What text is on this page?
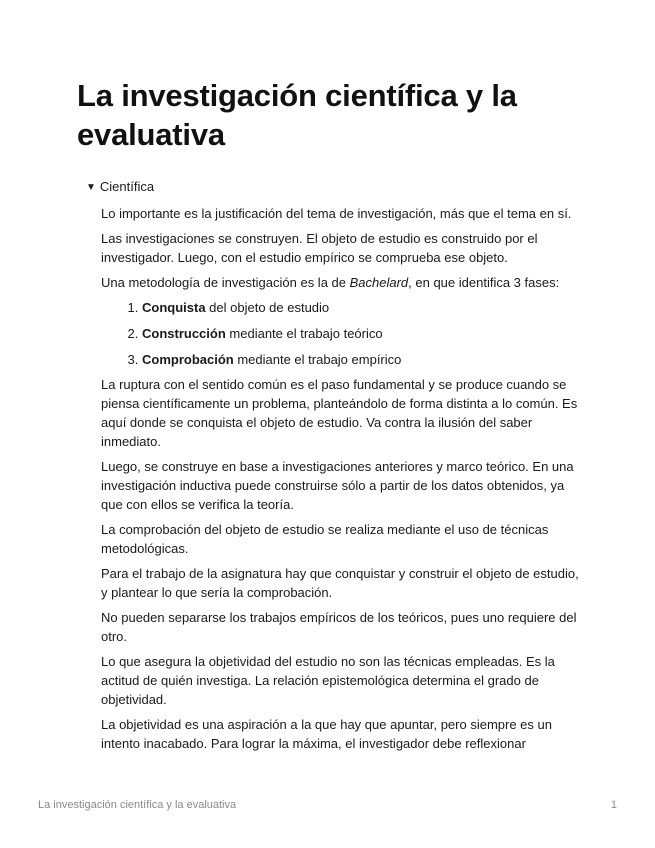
La investigación científica y la evaluativa
▼ Científica

Lo importante es la justificación del tema de investigación, más que el tema en sí.

Las investigaciones se construyen. El objeto de estudio es construido por el investigador. Luego, con el estudio empírico se comprueba ese objeto.

Una metodología de investigación es la de Bachelard, en que identifica 3 fases:

1. Conquista del objeto de estudio
2. Construcción mediante el trabajo teórico
3. Comprobación mediante el trabajo empírico

La ruptura con el sentido común es el paso fundamental y se produce cuando se piensa científicamente un problema, planteándolo de forma distinta a lo común. Es aquí donde se conquista el objeto de estudio. Va contra la ilusión del saber inmediato.

Luego, se construye en base a investigaciones anteriores y marco teórico. En una investigación inductiva puede construirse sólo a partir de los datos obtenidos, ya que con ellos se verifica la teoría.

La comprobación del objeto de estudio se realiza mediante el uso de técnicas metodológicas.

Para el trabajo de la asignatura hay que conquistar y construir el objeto de estudio, y plantear lo que sería la comprobación.

No pueden separarse los trabajos empíricos de los teóricos, pues uno requiere del otro.

Lo que asegura la objetividad del estudio no son las técnicas empleadas. Es la actitud de quién investiga. La relación epistemológica determina el grado de objetividad.

La objetividad es una aspiración a la que hay que apuntar, pero siempre es un intento inacabado. Para lograr la máxima, el investigador debe reflexionar

La investigación científica y la evaluativa	1
